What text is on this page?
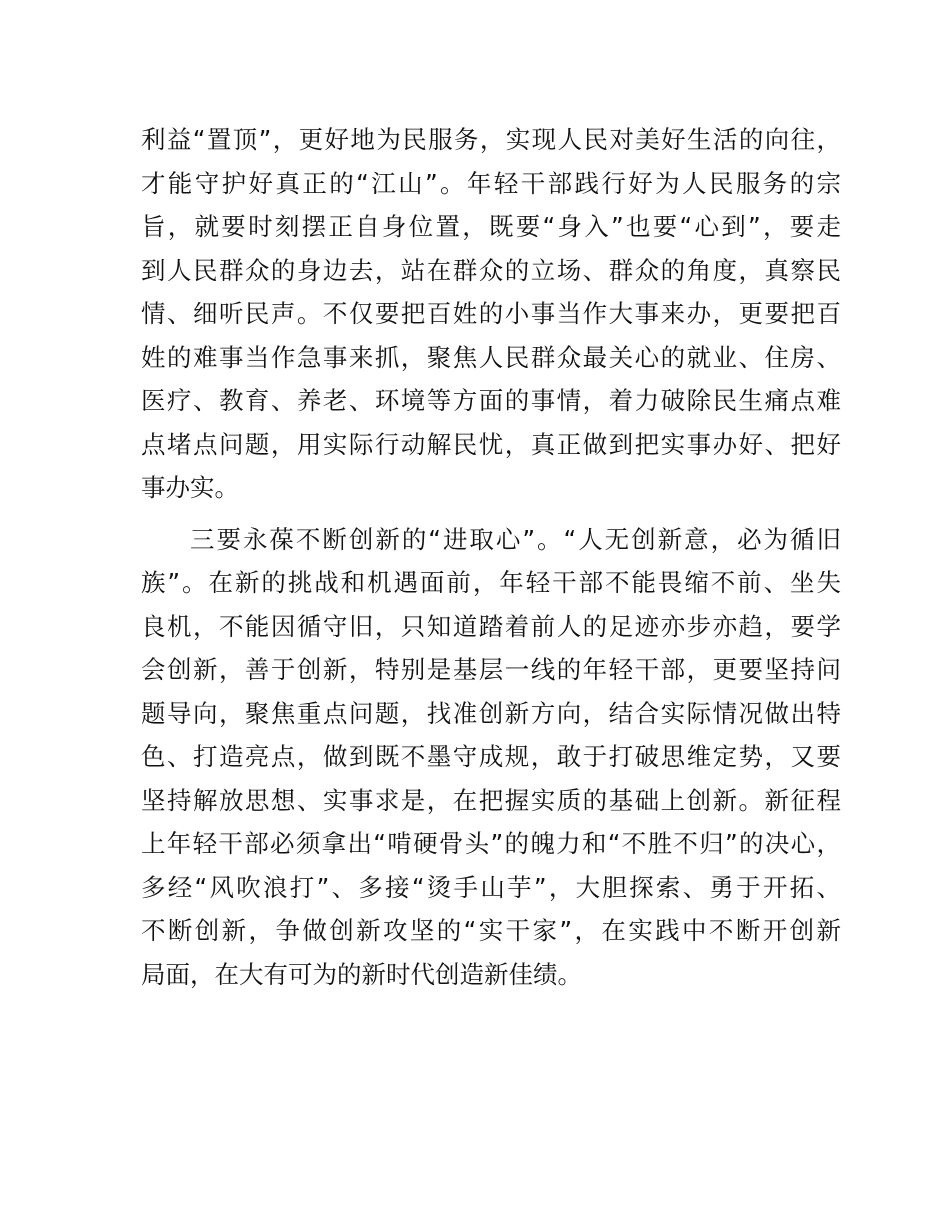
利益“置顶”，更好地为民服务，实现人民对美好生活的向往，
才能守护好真正的“江山”。年轻干部践行好为人民服务的宗
旨，就要时刻摆正自身位置，既要“身入”也要“心到”，要走
到人民群众的身边去，站在群众的立场、群众的角度，真察民
情、细听民声。不仅要把百姓的小事当作大事来办，更要把百
姓的难事当作急事来抓，聚焦人民群众最关心的就业、住房、
医疗、教育、养老、环境等方面的事情，着力破除民生痛点难
点堵点问题，用实际行动解民忧，真正做到把实事办好、把好
事办实。
三要永葆不断创新的“进取心”。“人无创新意，必为循旧
族”。在新的挑战和机遇面前，年轻干部不能畏缩不前、坐失
良机，不能因循守旧，只知道踏着前人的足迹亦步亦趋，要学
会创新，善于创新，特别是基层一线的年轻干部，更要坚持问
题导向，聚焦重点问题，找准创新方向，结合实际情况做出特
色、打造亮点，做到既不墨守成规，敢于打破思维定势，又要
坚持解放思想、实事求是，在把握实质的基础上创新。新征程
上年轻干部必须拿出“啃硬骨头”的魄力和“不胜不归”的决心，
多经“风吹浪打”、多接“烫手山芋”，大胆探索、勇于开拓、
不断创新，争做创新攻坚的“实干家”，在实践中不断开创新
局面，在大有可为的新时代创造新佳绩。
